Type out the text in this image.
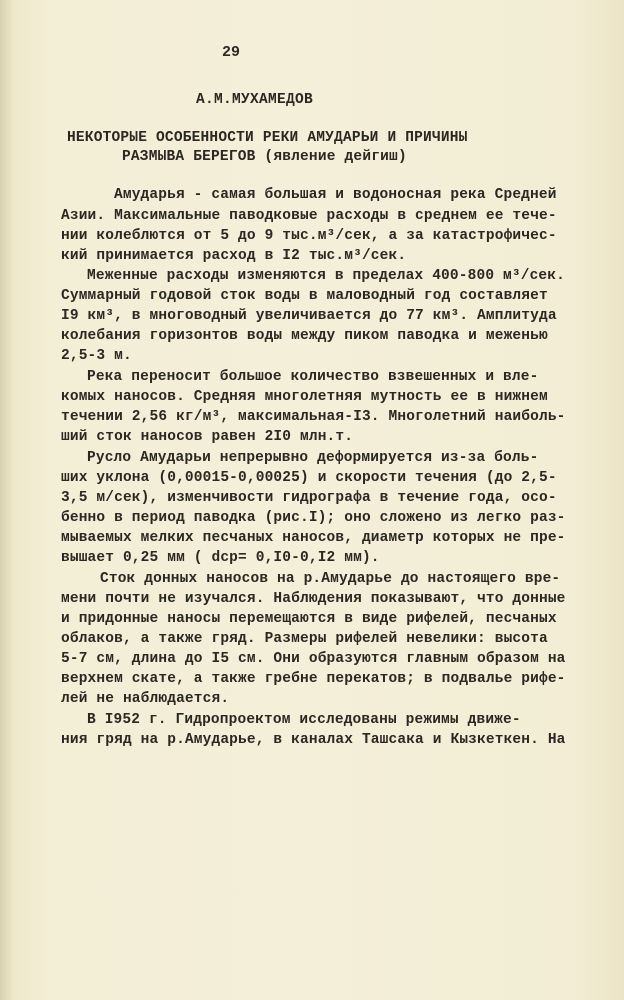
29
А.М.МУХАМЕДОВ
НЕКОТОРЫЕ ОСОБЕННОСТИ РЕКИ АМУДАРЬИ И ПРИЧИНЫ
РАЗМЫВА БЕРЕГОВ (явление дейгиш)
Амударья - самая большая и водоносная река Средней
Азии. Максимальные паводковые расходы в среднем ее тече-
нии колеблются от 5 до 9 тыс.м³/сек, а за катастрофичес-
кий принимается расход в I2 тыс.м³/сек.
Меженные расходы изменяются в пределах 400-800 м³/сек.
Суммарный годовой сток воды в маловодный год составляет
I9 км³, в многоводный увеличивается до 77 км³. Амплитуда
колебания горизонтов воды между пиком паводка и меженью
2,5-3 м.
Река переносит большое количество взвешенных и вле-
комых наносов. Средняя многолетняя мутность ее в нижнем
течении 2,56 кг/м³, максимальная-I3. Многолетний наиболь-
ший сток наносов равен 2I0 млн.т.
Русло Амударьи непрерывно деформируется из-за боль-
ших уклона (0,00015-0,00025) и скорости течения (до 2,5-
3,5 м/сек), изменчивости гидрографа в течение года, осо-
бенно в период паводка (рис.I); оно сложено из легко раз-
мываемых мелких песчаных наносов, диаметр которых не пре-
вышает 0,25 мм ( dср= 0,I0-0,I2 мм).
Сток донных наносов на р.Амударье до настоящего вре-
мени почти не изучался. Наблюдения показывают, что донные
и придонные наносы перемещаются в виде рифелей, песчаных
облаков, а также гряд. Размеры рифелей невелики: высота
5-7 см, длина до I5 см. Они образуются главным образом на
верхнем скате, а также гребне перекатов; в подвалье рифе-
лей не наблюдается.
В I952 г. Гидропроектом исследованы режимы движе-
ния гряд на р.Амударье, в каналах Ташсака и Кызкеткен. На
